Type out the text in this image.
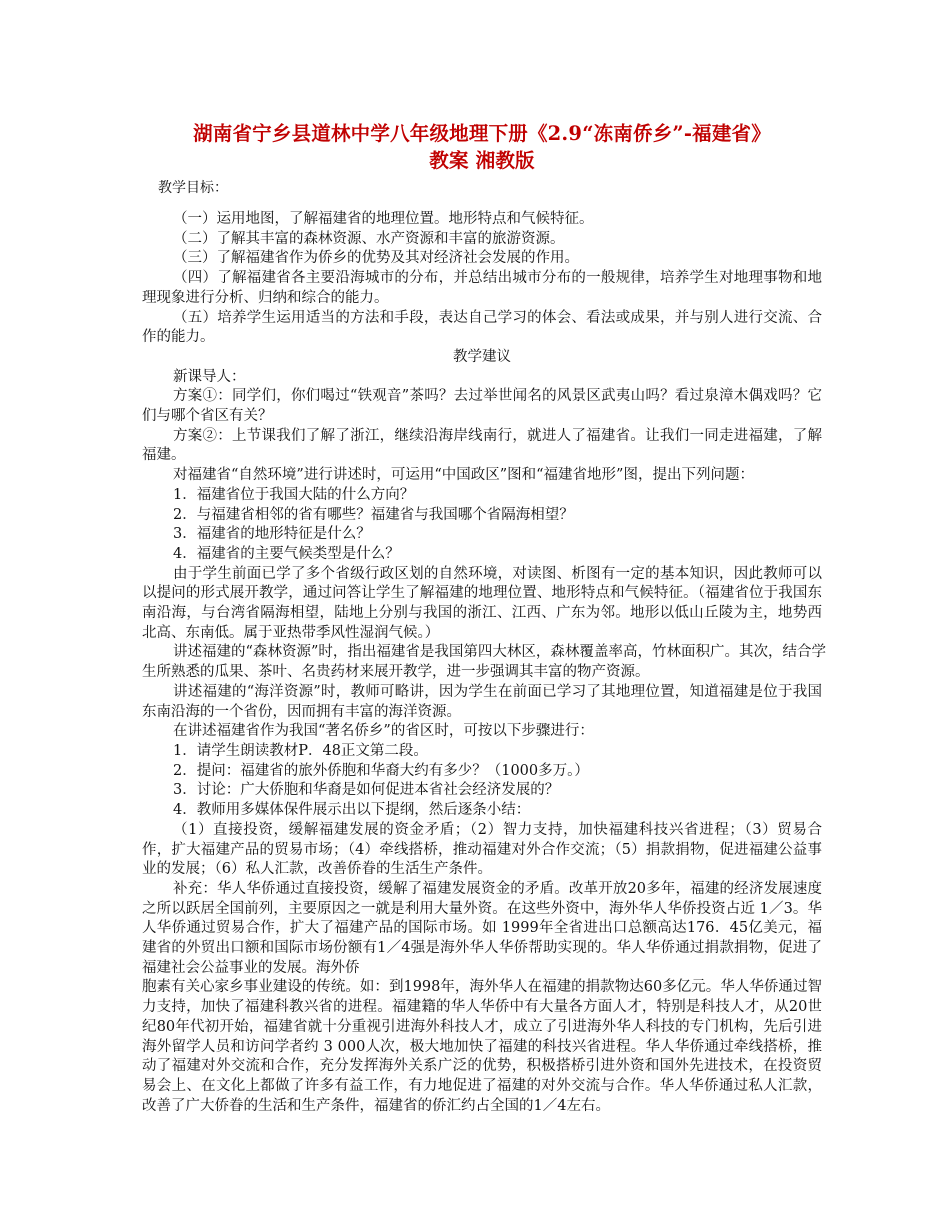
湖南省宁乡县道林中学八年级地理下册《2.9“冻南侨乡”-福建省》
教案 湘教版
教学目标：

（一）运用地图，了解福建省的地理位置。地形特点和气候特征。

（二）了解其丰富的森林资源、水产资源和丰富的旅游资源。

（三）了解福建省作为侨乡的优势及其对经济社会发展的作用。

（四）了解福建省各主要沿海城市的分布，并总结出城市分布的一般规律，培养学生对地理事物和地理现象进行分析、归纳和综合的能力。

（五）培养学生运用适当的方法和手段，表达自己学习的体会、看法或成果，并与别人进行交流、合作的能力。

教学建议

新课导人：

方案①：同学们，你们喝过“铁观音”茶吗？去过举世闻名的风景区武夷山吗？看过泉漳木偶戏吗？它们与哪个省区有关？

方案②：上节课我们了解了浙江，继续沿海岸线南行，就进人了福建省。让我们一同走进福建，了解福建。

对福建省“自然环境”进行讲述时，可运用“中国政区”图和“福建省地形”图，提出下列问题：

1．福建省位于我国大陆的什么方向？

2．与福建省相邻的省有哪些？福建省与我国哪个省隔海相望？

3．福建省的地形特征是什么？

4．福建省的主要气候类型是什么？

由于学生前面已学了多个省级行政区划的自然环境，对读图、析图有一定的基本知识，因此教师可以以提问的形式展开教学，通过问答让学生了解福建的地理位置、地形特点和气候特征。（福建省位于我国东南沿海，与台湾省隔海相望，陆地上分别与我国的浙江、江西、广东为邻。地形以低山丘陵为主，地势西北高、东南低。属于亚热带季风性湿润气候。）

讲述福建的“森林资源”时，指出福建省是我国第四大林区，森林覆盖率高，竹林面积广。其次，结合学生所熟悉的瓜果、茶叶、名贵药材来展开教学，进一步强调其丰富的物产资源。

讲述福建的“海洋资源”时，教师可略讲，因为学生在前面已学习了其地理位置，知道福建是位于我国东南沿海的一个省份，因而拥有丰富的海洋资源。

在讲述福建省作为我国“著名侨乡”的省区时，可按以下步骤进行：

1．请学生朗读教材P．48正文第二段。

2．提问：福建省的旅外侨胞和华裔大约有多少？（1000多万。）

3．讨论：广大侨胞和华裔是如何促进本省社会经济发展的？

4．教师用多媒体保件展示出以下提纲，然后逐条小结：

（1）直接投资，缓解福建发展的资金矛盾；（2）智力支持，加快福建科技兴省进程；（3）贸易合作，扩大福建产品的贸易市场；（4）牵线搭桥，推动福建对外合作交流；（5）捐款捐物，促进福建公益事业的发展；（6）私人汇款，改善侨眷的生活生产条件。

补充：华人华侨通过直接投资，缓解了福建发展资金的矛盾。改革开放20多年，福建的经济发展速度之所以跃居全国前列，主要原因之一就是利用大量外资。在这些外资中，海外华人华侨投资占近 1／3。华人华侨通过贸易合作，扩大了福建产品的国际市场。如 1999年全省进出口总额高达176．45亿美元，福建省的外贸出口额和国际市场份额有1／4强是海外华人华侨帮助实现的。华人华侨通过捐款捐物，促进了福建社会公益事业的发展。海外侨
胞素有关心家乡事业建设的传统。如：到1998年，海外华人在福建的捐款物达60多亿元。华人华侨通过智力支持，加快了福建科教兴省的进程。福建籍的华人华侨中有大量各方面人才，特别是科技人才，从20世纪80年代初开始，福建省就十分重视引进海外科技人才，成立了引进海外华人科技的专门机构，先后引进海外留学人员和访问学者约 3 000人次，极大地加快了福建的科技兴省进程。华人华侨通过牵线搭桥，推动了福建对外交流和合作，充分发挥海外关系广泛的优势，积极搭桥引进外资和国外先进技术，在投资贸易会上、在文化上都做了许多有益工作，有力地促进了福建的对外交流与合作。华人华侨通过私人汇款，改善了广大侨眷的生活和生产条件，福建省的侨汇约占全国的1／4左右。
